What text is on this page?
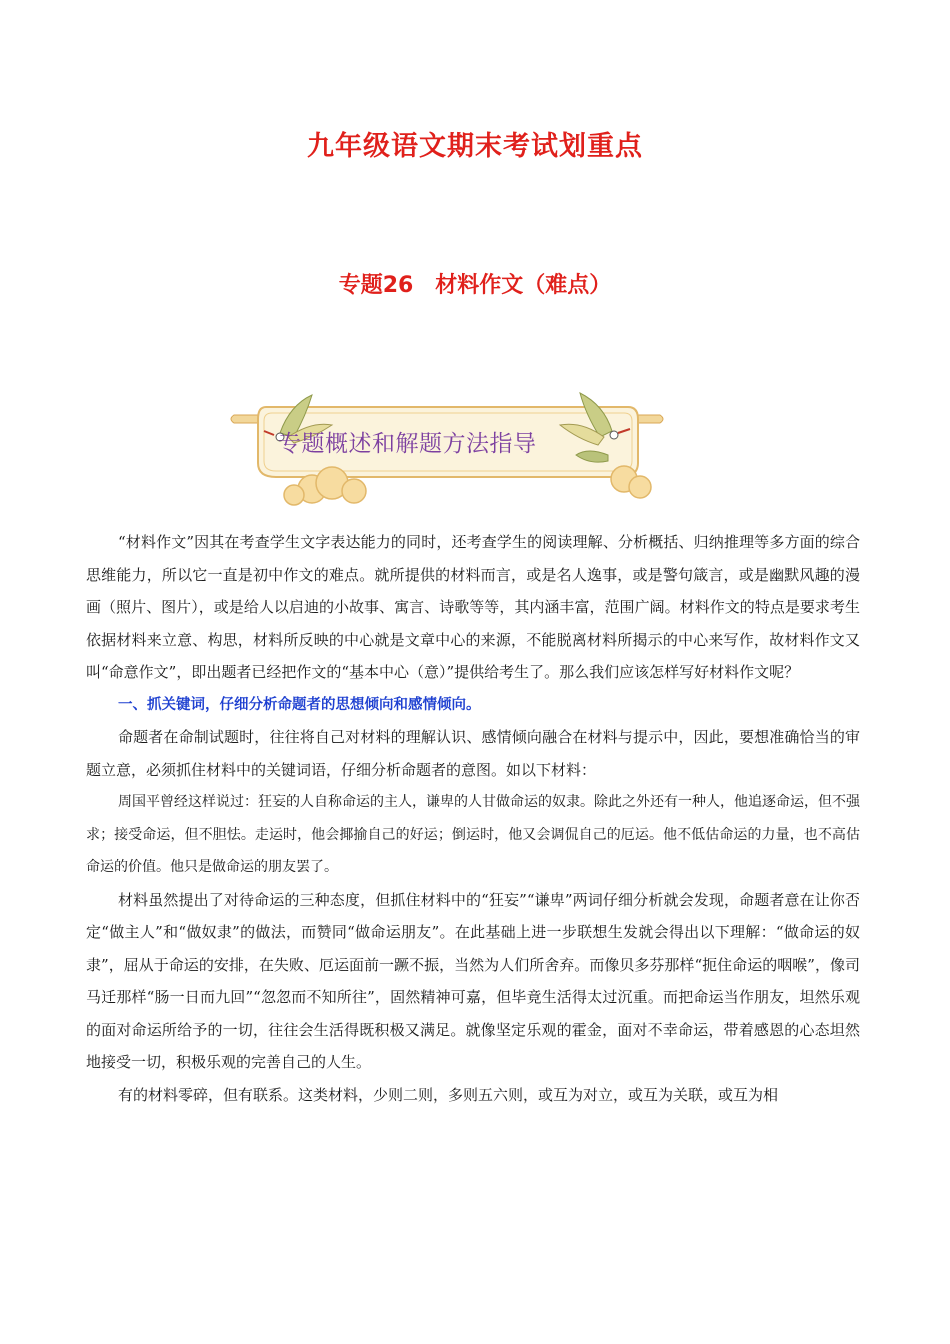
九年级语文期末考试划重点
专题26　材料作文（难点）
专题概述和解题方法指导

“材料作文”因其在考查学生文字表达能力的同时，还考查学生的阅读理解、分析概括、归纳推理等多方面的综合思维能力，所以它一直是初中作文的难点。就所提供的材料而言，或是名人逸事，或是警句箴言，或是幽默风趣的漫画（照片、图片），或是给人以启迪的小故事、寓言、诗歌等等，其内涵丰富，范围广阔。材料作文的特点是要求考生依据材料来立意、构思，材料所反映的中心就是文章中心的来源，不能脱离材料所揭示的中心来写作，故材料作文又叫“命意作文”，即出题者已经把作文的“基本中心（意）”提供给考生了。那么我们应该怎样写好材料作文呢？

一、抓关键词，仔细分析命题者的思想倾向和感情倾向。

命题者在命制试题时，往往将自己对材料的理解认识、感情倾向融合在材料与提示中，因此，要想准确恰当的审题立意，必须抓住材料中的关键词语，仔细分析命题者的意图。如以下材料：

周国平曾经这样说过：狂妄的人自称命运的主人，谦卑的人甘做命运的奴隶。除此之外还有一种人，他追逐命运，但不强求；接受命运，但不胆怯。走运时，他会揶揄自己的好运；倒运时，他又会调侃自己的厄运。他不低估命运的力量，也不高估命运的价值。他只是做命运的朋友罢了。

材料虽然提出了对待命运的三种态度，但抓住材料中的“狂妄”“谦卑”两词仔细分析就会发现，命题者意在让你否定“做主人”和“做奴隶”的做法，而赞同“做命运朋友”。在此基础上进一步联想生发就会得出以下理解：“做命运的奴隶”，屈从于命运的安排，在失败、厄运面前一蹶不振，当然为人们所舍弃。而像贝多芬那样“扼住命运的咽喉”，像司马迁那样“肠一日而九回”“忽忽而不知所往”，固然精神可嘉，但毕竟生活得太过沉重。而把命运当作朋友，坦然乐观的面对命运所给予的一切，往往会生活得既积极又满足。就像坚定乐观的霍金，面对不幸命运，带着感恩的心态坦然地接受一切，积极乐观的完善自己的人生。

有的材料零碎，但有联系。这类材料，少则二则，多则五六则，或互为对立，或互为关联，或互为相
